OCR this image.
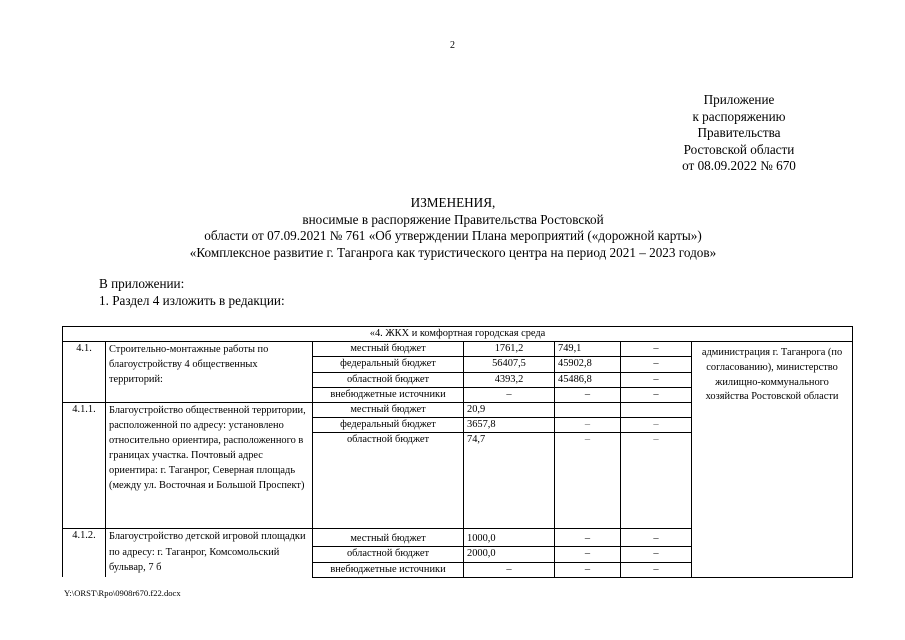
2
Приложение
к распоряжению
Правительства
Ростовской области
от 08.09.2022 № 670
ИЗМЕНЕНИЯ,
вносимые в распоряжение Правительства Ростовской
области от 07.09.2021 № 761 «Об утверждении Плана мероприятий («дорожной карты»)
«Комплексное развитие г. Таганрога как туристического центра на период 2021 – 2023 годов»
В приложении:
1. Раздел 4 изложить в редакции:
«4. ЖКХ и комфортная городская среда						
4.1.	Строительно-монтажные работы по благоустройству 4 общественных территорий:	местный бюджет	1761,2	749,1	–	администрация г. Таганрога (по согласованию), министерство жилищно-коммунального хозяйства Ростовской области
		федеральный бюджет	56407,5	45902,8	–	
		областной бюджет	4393,2	45486,8	–	
		внебюджетные источники	–	–	–	
4.1.1.	Благоустройство общественной территории, расположенной по адресу: установлено относительно ориентира, расположенного в границах участка. Почтовый адрес ориентира: г. Таганрог, Северная площадь (между ул. Восточная и Большой Проспект)	местный бюджет	20,9			
		федеральный бюджет	3657,8	–	–	
		областной бюджет	74,7	–	–	

4.1.2.	Благоустройство детской игровой площадки по адресу: г. Таганрог, Комсомольский бульвар, 7 б	местный бюджет	1000,0	–	–	
		областной бюджет	2000,0	–	–	
		внебюджетные источники	–	–	–	
Y:\ORST\Rpo\0908r670.f22.docx
